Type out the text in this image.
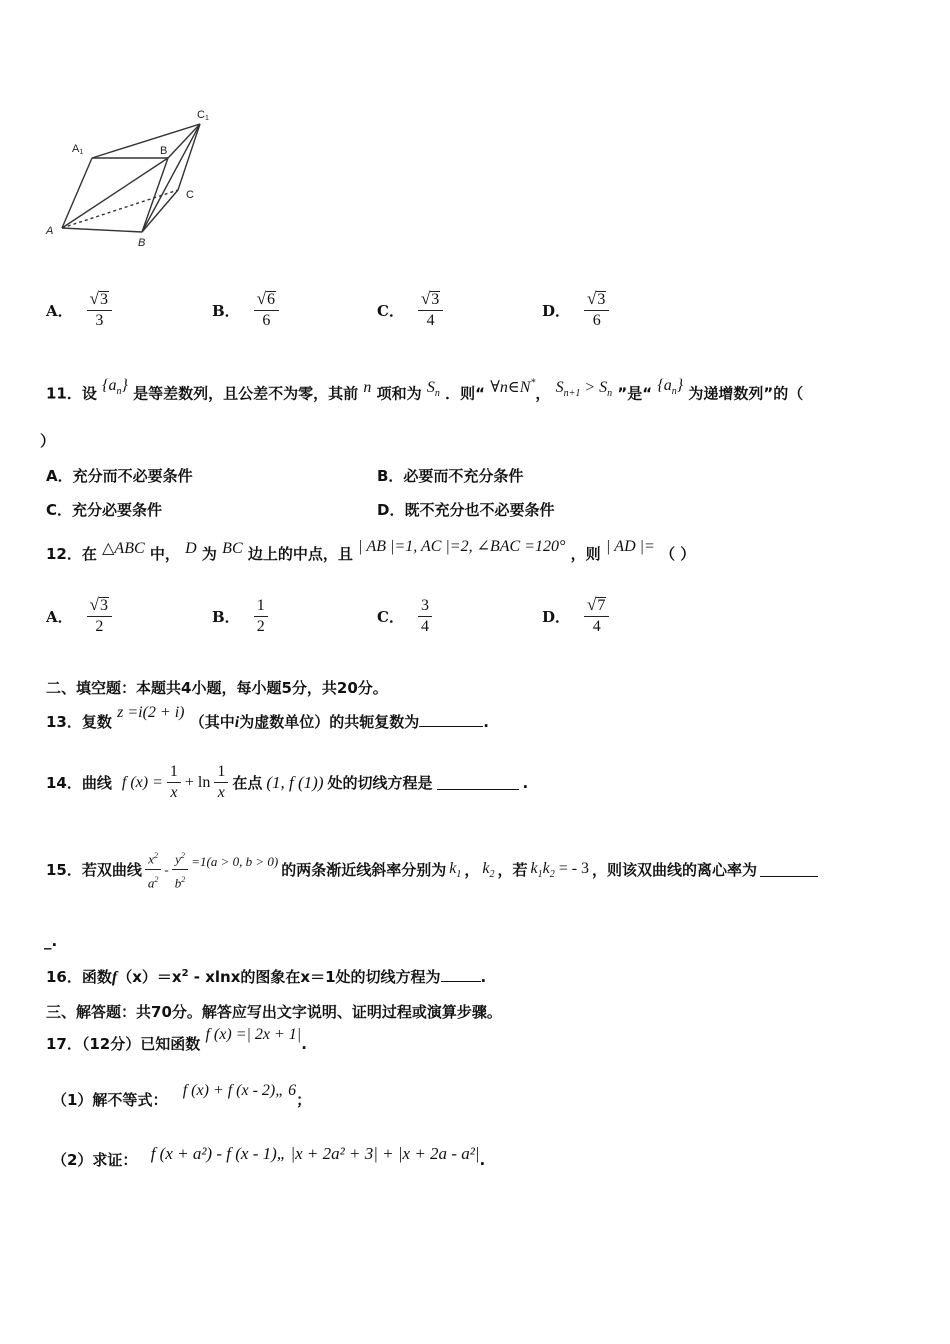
A1
C1
B
C
A
B
A． $\frac{√ 3}{3}$	B． $\frac{√ 6}{6}$	C． $\frac{√ 3}{4}$	D． $\frac{√ 3}{6}$
11．设 $\{a_n\}$ 是等差数列，且公差不为零，其前 n 项和为 $S_n$ ．则“ ∀n∈N*， $S_{n+1} > S_n$ ”是“ $\{a_n\}$ 为递增数列”的（
）
A．充分而不必要条件	B．必要而不充分条件
C．充分必要条件	D．既不充分也不必要条件
12．在 △ABC 中， D 为 BC 边上的中点，且 | AB |=1, AC |=2, ∠BAC =120° ，则 | AD |= （ ）
A． $\frac{√ 3}{2}$	B． $\frac{1}{2}$	C． $\frac{3}{4}$	D． $\frac{√ 7}{4}$
二、填空题：本题共4小题，每小题5分，共20分。
13．复数 z =i(2 + i) （其中i为虚数单位）的共轭复数为	.
14．曲线 f $(x) = \frac{1}{x} + \ln \frac{1}{x}$ 在点 (1, f (1)) 处的切线方程是	.
15．若双曲线 $\frac{x^2}{a^2} - \frac{y^2}{b^2} =1(a > 0$, b > 0) 的两条渐近线斜率分别为 $k_1$ ， $k_2$ ，若 $k_1k_2$ = - 3 ，则该双曲线的离心率为
_.
16．函数$f(x)=x^2 - xlnx$的图象在x＝1处的切线方程为	.
三、解答题：共70分。解答应写出文字说明、证明过程或演算步骤。
17．（12分）已知函数 f (x) =| 2x + 1|.
（1）解不等式： f (x) + f (x - 2)„ 6；
（2）求证： f (x + a²) - f (x - 1)„ |x + 2a² + 3| + |x + 2a - a²|.
